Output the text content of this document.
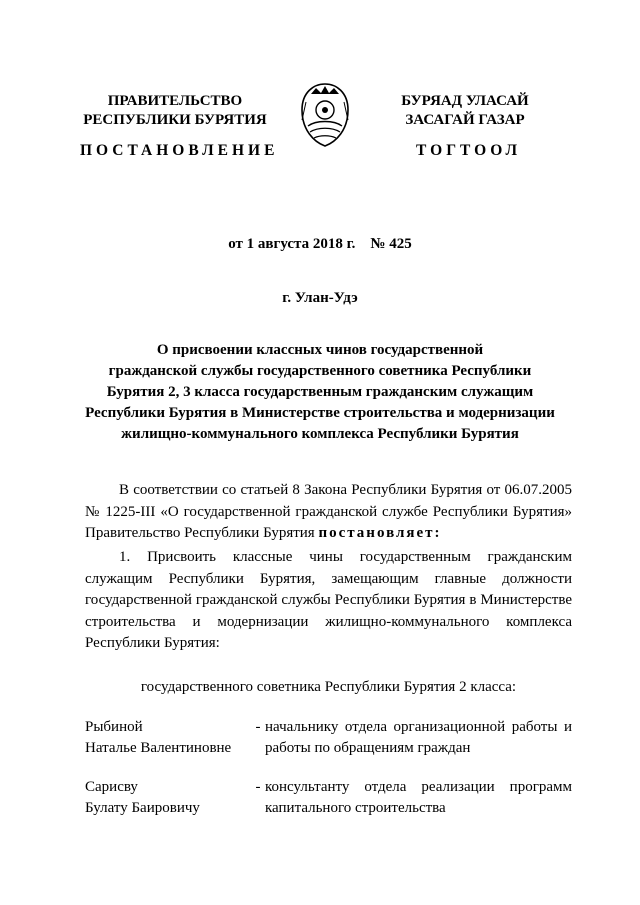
ПРАВИТЕЛЬСТВО
РЕСПУБЛИКИ БУРЯТИЯ
БУРЯАД УЛАСАЙ
ЗАСАГАЙ ГАЗАР
ПОСТАНОВЛЕНИЕ	ТОГТООЛ
от 1 августа 2018 г.    № 425
г. Улан-Удэ
О присвоении классных чинов государственной
гражданской службы государственного советника Республики
Бурятия 2, 3 класса государственным гражданским служащим
Республики Бурятия в Министерстве строительства и модернизации
жилищно-коммунального комплекса Республики Бурятия
В соответствии со статьей 8 Закона Республики Бурятия от 06.07.2005 № 1225-III «О государственной гражданской службе Республики Бурятия» Правительство Республики Бурятия постановляет:
1. Присвоить классные чины государственным гражданским служащим Республики Бурятия, замещающим главные должности государственной гражданской службы Республики Бурятия в Министерстве строительства и модернизации жилищно-коммунального комплекса Республики Бурятия:
государственного советника Республики Бурятия 2 класса:
Рыбиной
Наталье Валентиновне
- начальнику отдела организационной работы и работы по обращениям граждан
Сарисву
Булату Баировичу
- консультанту отдела реализации программ капитального строительства
